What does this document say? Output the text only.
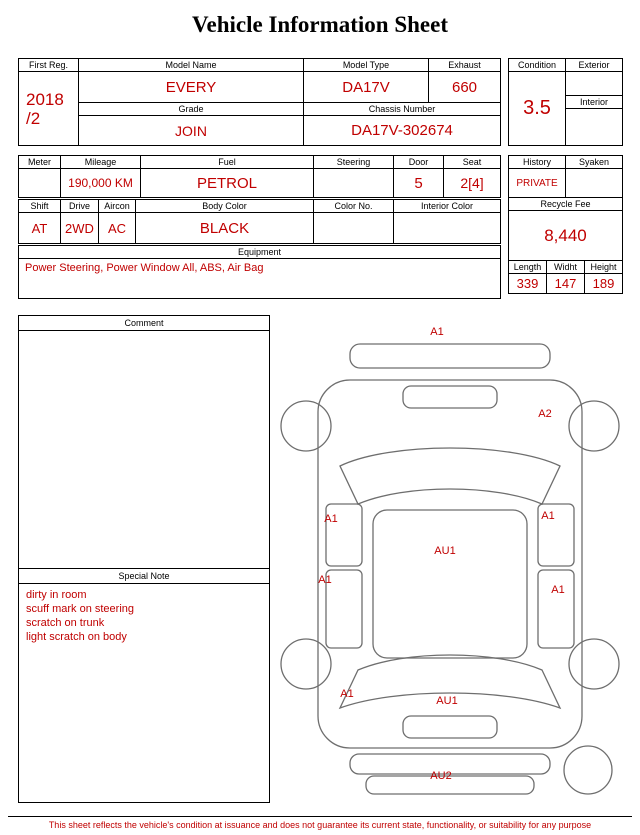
Vehicle Information Sheet
First Reg.	Model Name	Model Type	Exhaust

2018
/2	EVERY	DA17V	660
	Grade	Chassis Number	
	JOIN	DA17V-302674	
Condition	Exterior
3.5	
	Interior

Meter	Mileage	Fuel	Steering	Door	Seat
	190,000 KM	PETROL		5	2[4]
Shift	Drive	Aircon	Body Color	Color No.	Interior Color
AT	2WD	AC	BLACK		
Equipment
Power Steering, Power Window All, ABS, Air Bag
History		Syaken	
PRIVATE			
Recycle Fee			
8,440			
Length	Widht		Height
339	147		189
Comment
Special Note
dirty in room
scuff mark on steering
scratch on trunk
light scratch on body
A1
A2
A1	A1
AU1
A1
A1
A1
AU1
AU2
This sheet reflects the vehicle's condition at issuance and does not guarantee its current state, functionality, or suitability for any purpose
